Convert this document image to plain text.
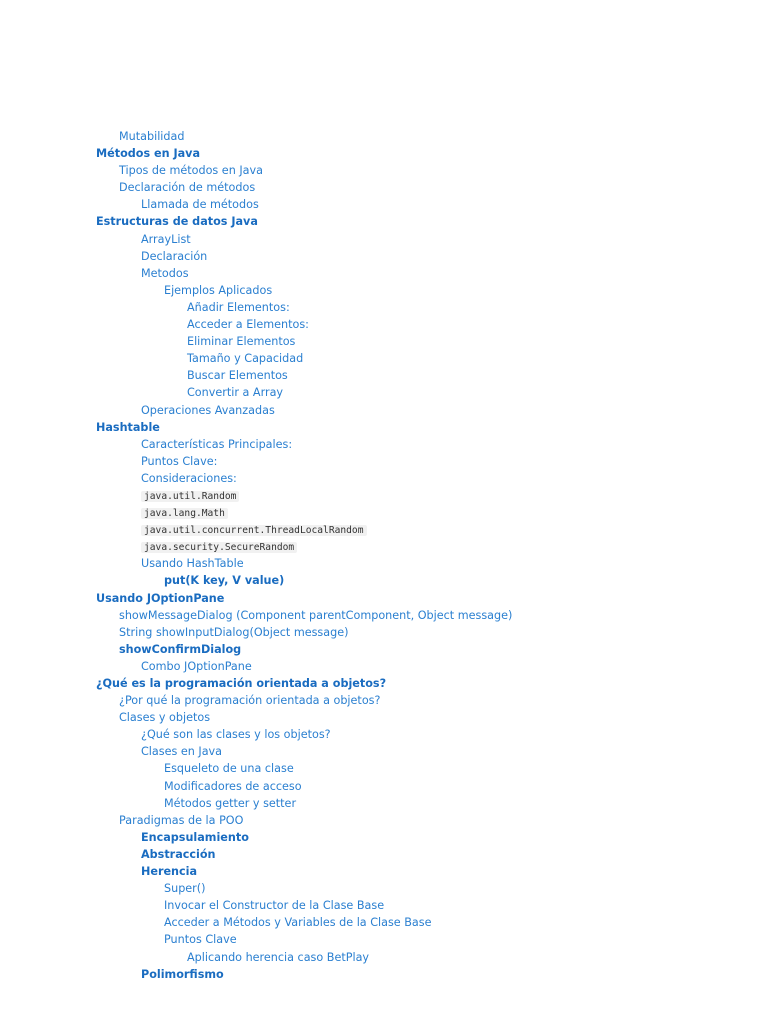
Mutabilidad
Métodos en Java
Tipos de métodos en Java
Declaración de métodos
Llamada de métodos
Estructuras de datos Java
ArrayList
Declaración
Metodos
Ejemplos Aplicados
Añadir Elementos:
Acceder a Elementos:
Eliminar Elementos
Tamaño y Capacidad
Buscar Elementos
Convertir a Array
Operaciones Avanzadas
Hashtable
Características Principales:
Puntos Clave:
Consideraciones:
java.util.Random
java.lang.Math
java.util.concurrent.ThreadLocalRandom
java.security.SecureRandom
Usando HashTable
put(K key, V value)
Usando JOptionPane
showMessageDialog (Component parentComponent, Object message)
String showInputDialog(Object message)
showConfirmDialog
Combo JOptionPane
¿Qué es la programación orientada a objetos?
¿Por qué la programación orientada a objetos?
Clases y objetos
¿Qué son las clases y los objetos?
Clases en Java
Esqueleto de una clase
Modificadores de acceso
Métodos getter y setter
Paradigmas de la POO
Encapsulamiento
Abstracción
Herencia
Super()
Invocar el Constructor de la Clase Base
Acceder a Métodos y Variables de la Clase Base
Puntos Clave
Aplicando herencia caso BetPlay
Polimorfismo
